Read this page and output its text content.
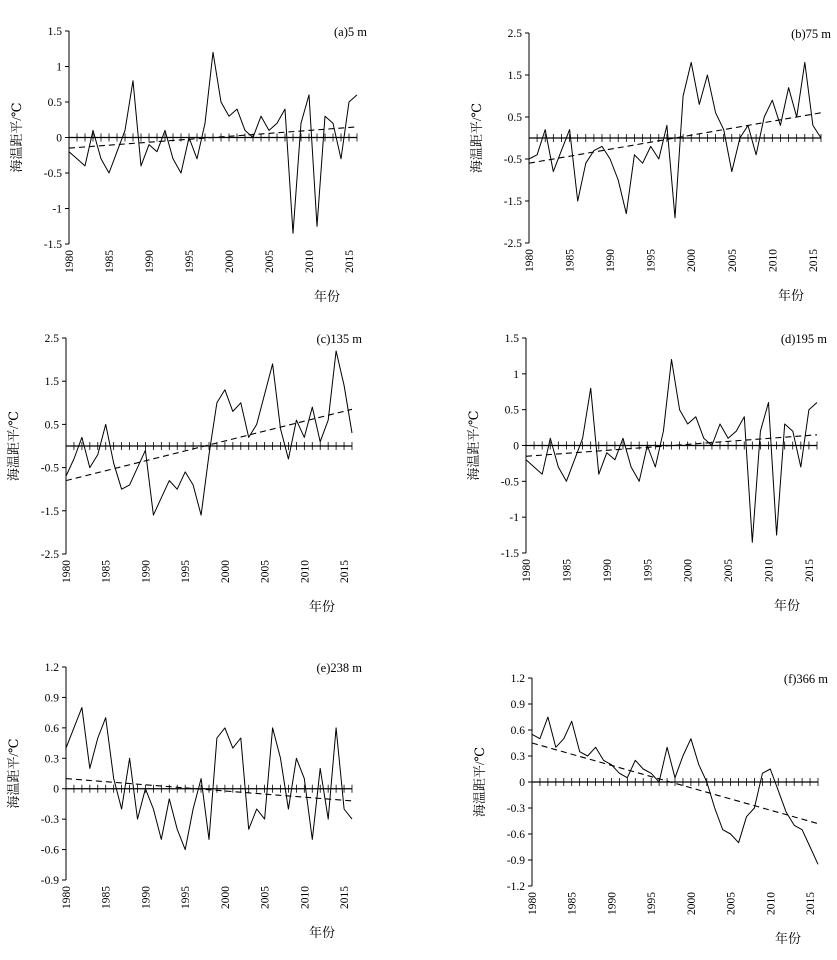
1.5
1
0.5
0
-0.5
-1
-1.5
1980 1985 1990 1995 2000 2005 2010 2015
年份
海温距平/℃
(a)5 m	2.5
1.5
0.5
-0.5
-1.5
-2.5
1980 1985 1990 1995 2000 2005 2010 2015
年份
海温距平/℃
(b)75 m
2.5
1.5
0.5
-0.5
-1.5
-2.5
1980 1985 1990 1995 2000 2005 2010 2015
年份
海温距平/℃
(c)135 m	1.5
1
0.5
0
-0.5
-1
-1.5
1980 1985 1990 1995 2000 2005 2010 2015
年份
海温距平/℃
(d)195 m
1.2
0.9
0.6
0.3
0
-0.3
-0.6
-0.9
1980 1985 1990 1995 2000 2005 2010 2015
年份
海温距平/℃
(e)238 m
1.2
0.9
0.6
0.3
0
-0.3
-0.6
-0.9
-1.2
1980 1985 1990 1995 2000 2005 2010 2015
年份
海温距平/℃
(f)366 m
